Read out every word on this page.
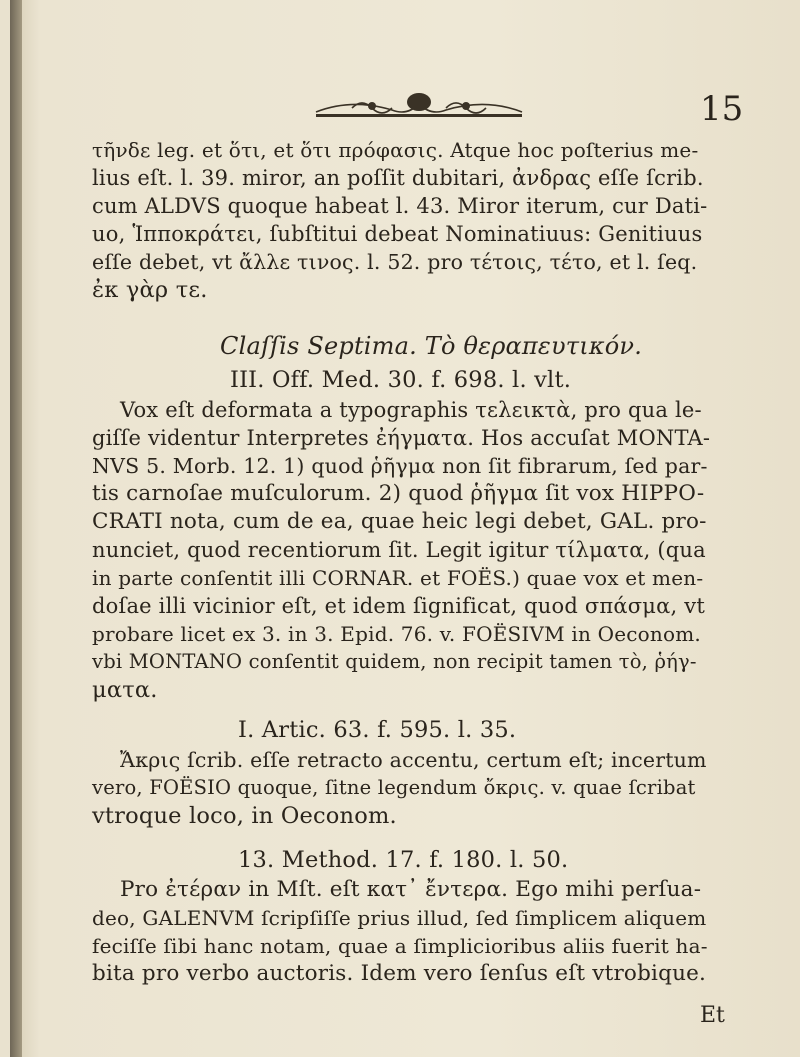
15
τῆνδε leg. et ὅτι, et ὅτι πρόφασις. Atque hoc poſterius me-
lius eſt. l. 39. miror, an poſſit dubitari, ἀνδρας eſſe ſcrib.
cum ALDVS quoque habeat l. 43. Miror iterum, cur Dati-
uo, Ἱπποκράτει, ſubſtitui debeat Nominatiuus: Genitiuus
eſſe debet, vt ἄλλε τινος. l. 52. pro τέτοις, τέτο, et l. ſeq.
ἐκ γὰρ τε.
Claſſis Septima. Τὸ θεραπευτικόν.
III. Off. Med. 30. f. 698. l. vlt.
Vox eſt deformata a typographis τελεικτὰ, pro qua le-
giſſe videntur Interpretes ἐήγματα. Hos accuſat MONTA-
NVS 5. Morb. 12. 1) quod ῥῆγμα non ſit fibrarum, ſed par-
tis carnoſae muſculorum. 2) quod ῥῆγμα ſit vox HIPPO-
CRATI nota, cum de ea, quae heic legi debet, GAL. pro-
nunciet, quod recentiorum ſit. Legit igitur τίλματα, (qua
in parte conſentit illi CORNAR. et FOËS.) quae vox et men-
doſae illi vicinior eſt, et idem ſignificat, quod σπάσμα, vt
probare licet ex 3. in 3. Epid. 76. v. FOËSIVM in Oeconom.
vbi MONTANO conſentit quidem, non recipit tamen τὸ, ῥήγ-
ματα.
I. Artic. 63. f. 595. l. 35.
Ἄκρις ſcrib. eſſe retracto accentu, certum eſt; incertum
vero, FOËSIO quoque, ſitne legendum ὄκρις. v. quae ſcribat
vtroque loco, in Oeconom.
13. Method. 17. f. 180. l. 50.
Pro ἐτέραν in Mſt. eſt κατ᾽ ἔντερα. Ego mihi perſua-
deo, GALENVM ſcripſiſſe prius illud, ſed ſimplicem aliquem
feciſſe ſibi hanc notam, quae a ſimplicioribus aliis fuerit ha-
bita pro verbo auctoris. Idem vero ſenſus eſt vtrobique.
Et
